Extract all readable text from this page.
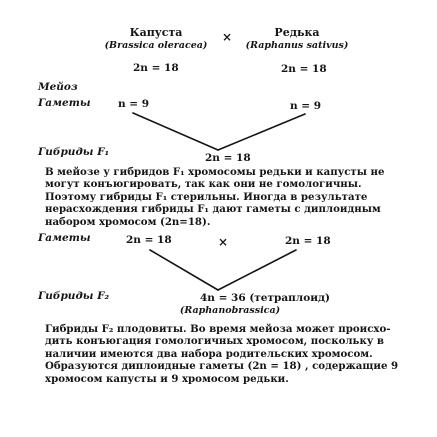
Капуста
(Brassica oleracea)
Редька
(Raphanus sativus)
×
2n = 18	2n = 18
Мейоз
Гаметы	n = 9	n = 9
Гибриды F₁	2n = 18
В мейозе у гибридов F₁ хромосомы редьки и капусты не
могут конъюгировать, так как они не гомологичны.
Поэтому гибриды F₁ стерильны. Иногда в результате
нерасхождения гибриды F₁ дают гаметы с диплоидным
набором хромосом (2n=18).
Гаметы	2n = 18	×	2n = 18
Гибриды F₂	4n = 36 (тетраплоид)
(Raphanobrassica)
Гибриды F₂ плодовиты. Во время мейоза может происхо-
дить конъюгация гомологичных хромосом, поскольку в
наличии имеются два набора родительских хромосом.
Образуются диплоидные гаметы (2n = 18) , содержащие 9
хромосом капусты и 9 хромосом редьки.
